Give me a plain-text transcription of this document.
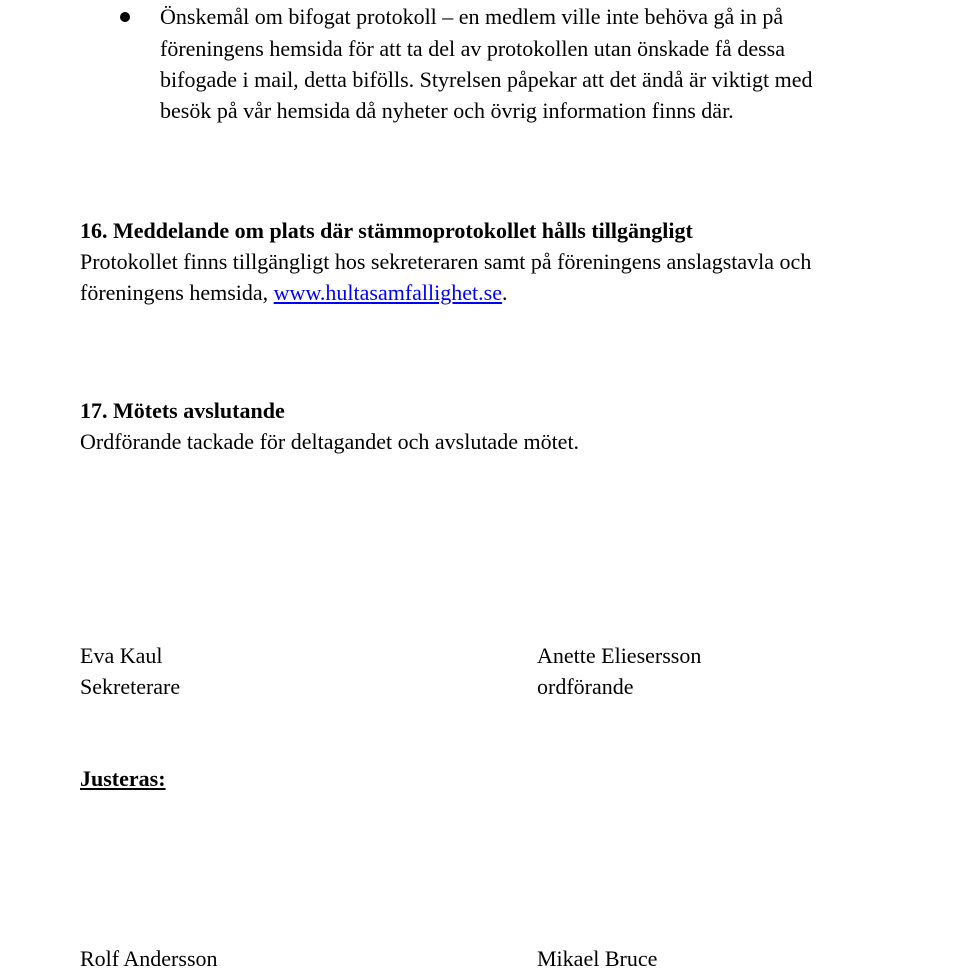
Önskemål om bifogat protokoll – en medlem ville inte behöva gå in på
föreningens hemsida för att ta del av protokollen utan önskade få dessa
bifogade i mail, detta bifölls. Styrelsen påpekar att det ändå är viktigt med
besök på vår hemsida då nyheter och övrig information finns där.
16. Meddelande om plats där stämmoprotokollet hålls tillgängligt
Protokollet finns tillgängligt hos sekreteraren samt på föreningens anslagstavla och
föreningens hemsida, www.hultasamfallighet.se.
17. Mötets avslutande
Ordförande tackade för deltagandet och avslutade mötet.
Eva Kaul
Sekreterare
Anette Eliesersson
ordförande
Justeras:
Rolf Andersson	Mikael Bruce
